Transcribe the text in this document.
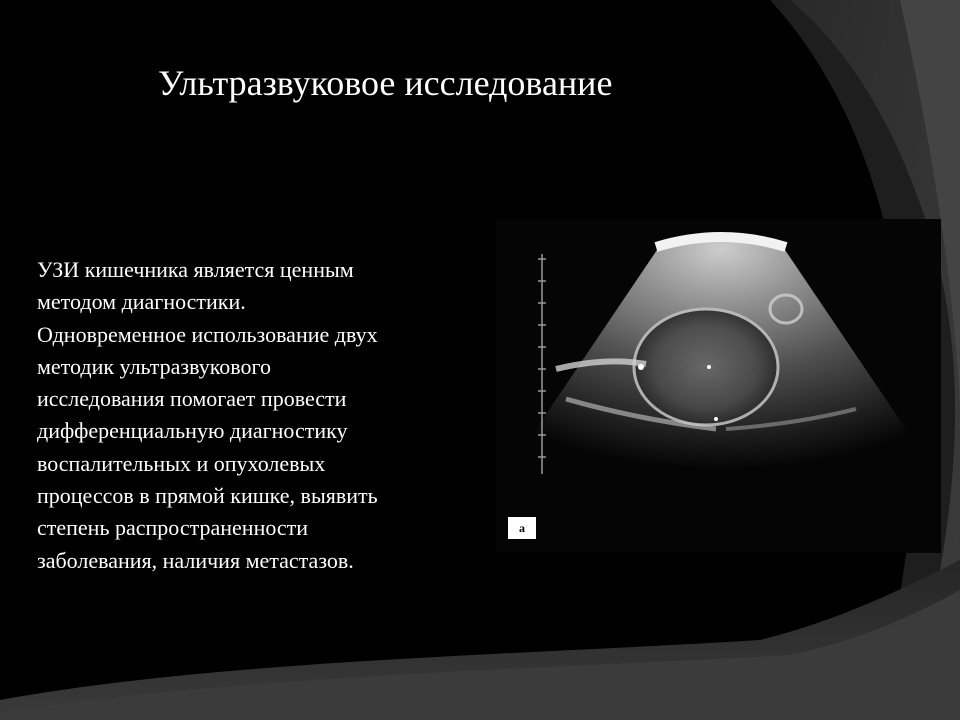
Ультразвуковое исследование

УЗИ кишечника является ценным
методом диагностики.
Одновременное использование двух
методик ультразвукового
исследования помогает провести
дифференциальную диагностику
воспалительных и опухолевых
процессов в прямой кишке, выявить
степень распространенности
заболевания, наличия метастазов.

a
